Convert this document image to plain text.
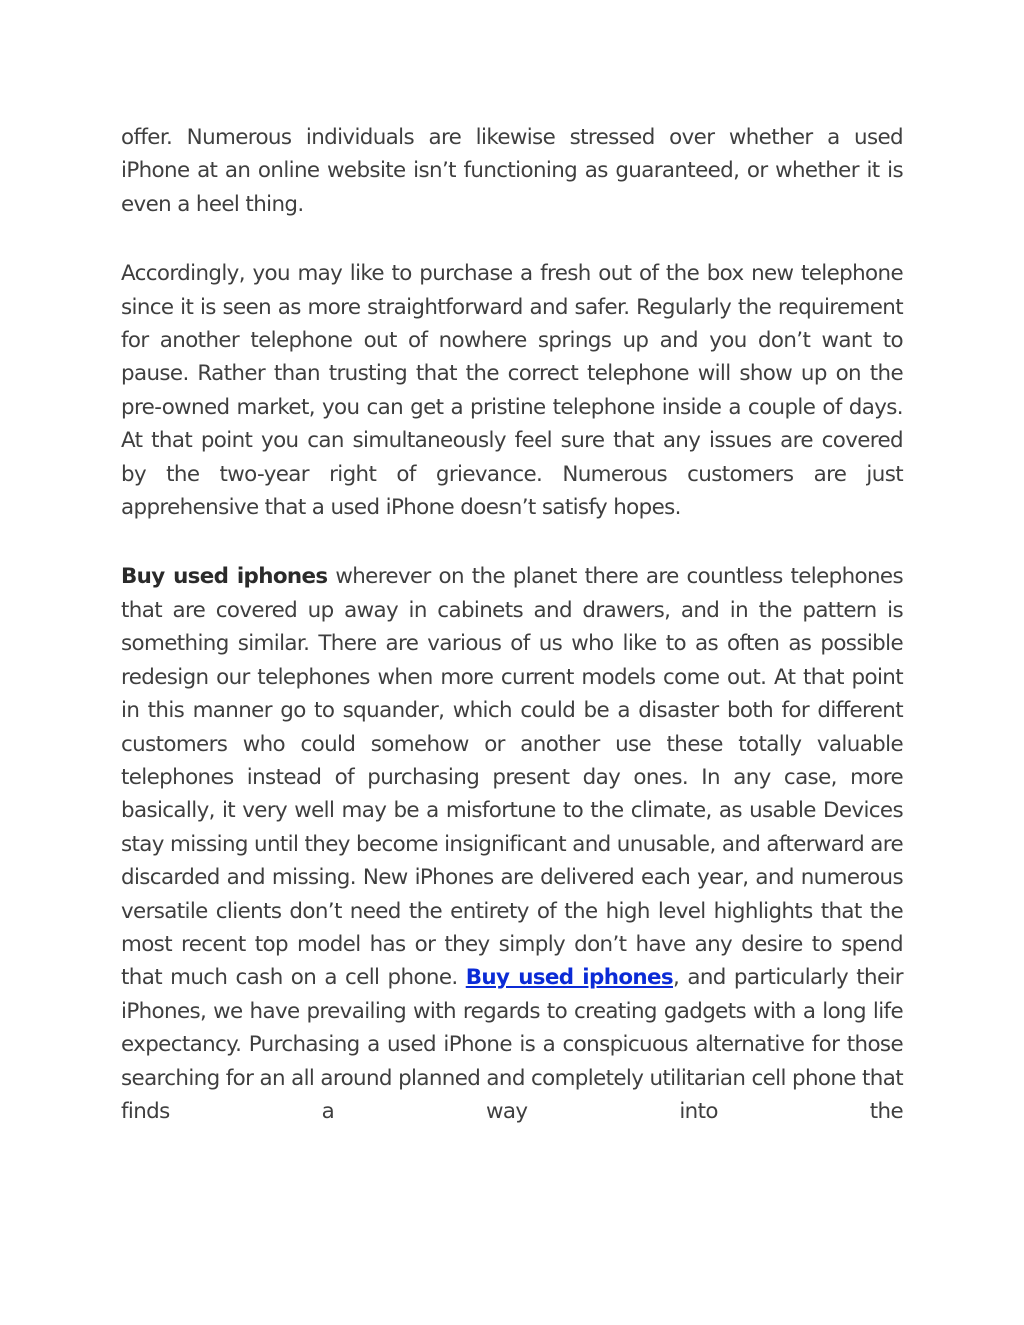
offer. Numerous individuals are likewise stressed over whether a used iPhone at an online website isn’t functioning as guaranteed, or whether it is even a heel thing.

Accordingly, you may like to purchase a fresh out of the box new telephone since it is seen as more straightforward and safer. Regularly the requirement for another telephone out of nowhere springs up and you don’t want to pause. Rather than trusting that the correct telephone will show up on the pre-owned market, you can get a pristine telephone inside a couple of days. At that point you can simultaneously feel sure that any issues are covered by the two-year right of grievance. Numerous customers are just apprehensive that a used iPhone doesn’t satisfy hopes.

Buy used iphones wherever on the planet there are countless telephones that are covered up away in cabinets and drawers, and in the pattern is something similar. There are various of us who like to as often as possible redesign our telephones when more current models come out. At that point in this manner go to squander, which could be a disaster both for different customers who could somehow or another use these totally valuable telephones instead of purchasing present day ones. In any case, more basically, it very well may be a misfortune to the climate, as usable Devices stay missing until they become insignificant and unusable, and afterward are discarded and missing. New iPhones are delivered each year, and numerous versatile clients don’t need the entirety of the high level highlights that the most recent top model has or they simply don’t have any desire to spend that much cash on a cell phone. Buy used iphones, and particularly their iPhones, we have prevailing with regards to creating gadgets with a long life expectancy. Purchasing a used iPhone is a conspicuous alternative for those searching for an all around planned and completely utilitarian cell phone that finds a way into the
